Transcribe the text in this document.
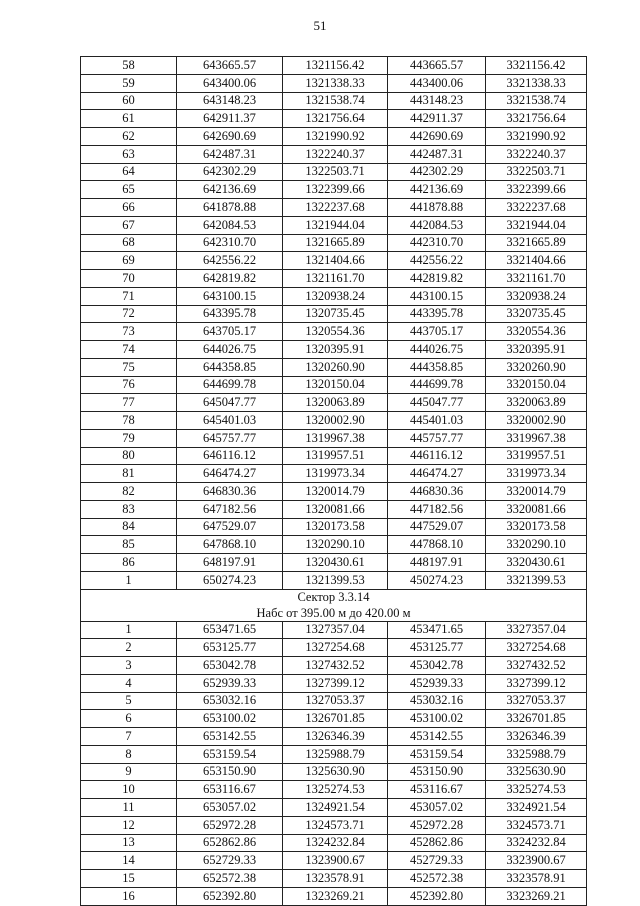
51
58	643665.57	1321156.42	443665.57	3321156.42
59	643400.06	1321338.33	443400.06	3321338.33
60	643148.23	1321538.74	443148.23	3321538.74
61	642911.37	1321756.64	442911.37	3321756.64
62	642690.69	1321990.92	442690.69	3321990.92
63	642487.31	1322240.37	442487.31	3322240.37
64	642302.29	1322503.71	442302.29	3322503.71
65	642136.69	1322399.66	442136.69	3322399.66
66	641878.88	1322237.68	441878.88	3322237.68
67	642084.53	1321944.04	442084.53	3321944.04
68	642310.70	1321665.89	442310.70	3321665.89
69	642556.22	1321404.66	442556.22	3321404.66
70	642819.82	1321161.70	442819.82	3321161.70
71	643100.15	1320938.24	443100.15	3320938.24
72	643395.78	1320735.45	443395.78	3320735.45
73	643705.17	1320554.36	443705.17	3320554.36
74	644026.75	1320395.91	444026.75	3320395.91
75	644358.85	1320260.90	444358.85	3320260.90
76	644699.78	1320150.04	444699.78	3320150.04
77	645047.77	1320063.89	445047.77	3320063.89
78	645401.03	1320002.90	445401.03	3320002.90
79	645757.77	1319967.38	445757.77	3319967.38
80	646116.12	1319957.51	446116.12	3319957.51
81	646474.27	1319973.34	446474.27	3319973.34
82	646830.36	1320014.79	446830.36	3320014.79
83	647182.56	1320081.66	447182.56	3320081.66
84	647529.07	1320173.58	447529.07	3320173.58
85	647868.10	1320290.10	447868.10	3320290.10
86	648197.91	1320430.61	448197.91	3320430.61
1	650274.23	1321399.53	450274.23	3321399.53
Сектор 3.3.14				
Набс от 395.00 м до 420.00 м				
1	653471.65	1327357.04	453471.65	3327357.04
2	653125.77	1327254.68	453125.77	3327254.68
3	653042.78	1327432.52	453042.78	3327432.52
4	652939.33	1327399.12	452939.33	3327399.12
5	653032.16	1327053.37	453032.16	3327053.37
6	653100.02	1326701.85	453100.02	3326701.85
7	653142.55	1326346.39	453142.55	3326346.39
8	653159.54	1325988.79	453159.54	3325988.79
9	653150.90	1325630.90	453150.90	3325630.90
10	653116.67	1325274.53	453116.67	3325274.53
11	653057.02	1324921.54	453057.02	3324921.54
12	652972.28	1324573.71	452972.28	3324573.71
13	652862.86	1324232.84	452862.86	3324232.84
14	652729.33	1323900.67	452729.33	3323900.67
15	652572.38	1323578.91	452572.38	3323578.91
16	652392.80	1323269.21	452392.80	3323269.21
